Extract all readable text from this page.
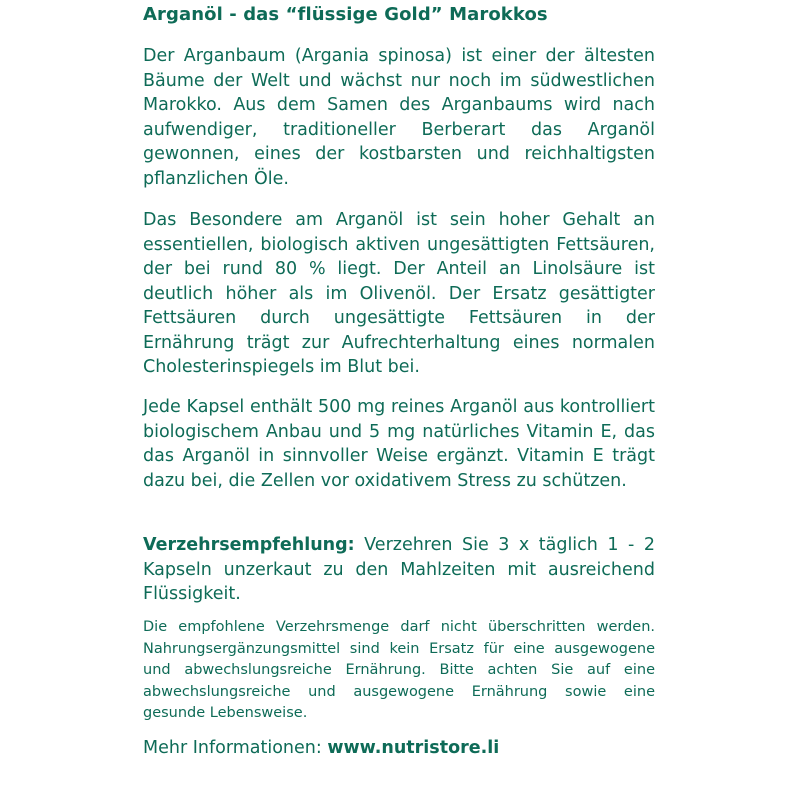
Arganöl - das “flüssige Gold” Marokkos

Der Arganbaum (Argania spinosa) ist einer der ältesten Bäume der Welt und wächst nur noch im südwestlichen Marokko. Aus dem Samen des Arganbaums wird nach aufwendiger, traditioneller Berberart das Arganöl gewonnen, eines der kostbarsten und reichhaltigsten pflanzlichen Öle.

Das Besondere am Arganöl ist sein hoher Gehalt an essentiellen, biologisch aktiven ungesättigten Fettsäuren, der bei rund 80 % liegt. Der Anteil an Linolsäure ist deutlich höher als im Olivenöl. Der Ersatz gesättigter Fettsäuren durch ungesättigte Fettsäuren in der Ernährung trägt zur Aufrechterhaltung eines normalen Cholesterinspiegels im Blut bei.

Jede Kapsel enthält 500 mg reines Arganöl aus kontrolliert biologischem Anbau und 5 mg natürliches Vitamin E, das das Arganöl in sinnvoller Weise ergänzt. Vitamin E trägt dazu bei, die Zellen vor oxidativem Stress zu schützen.

Verzehrsempfehlung: Verzehren Sie 3 x täglich 1 - 2 Kapseln unzerkaut zu den Mahlzeiten mit ausreichend Flüssigkeit.

Die empfohlene Verzehrsmenge darf nicht überschritten werden. Nahrungsergänzungsmittel sind kein Ersatz für eine ausgewogene und abwechslungsreiche Ernährung. Bitte achten Sie auf eine abwechslungsreiche und ausgewogene Ernährung sowie eine gesunde Lebensweise.

Mehr Informationen: www.nutristore.li
